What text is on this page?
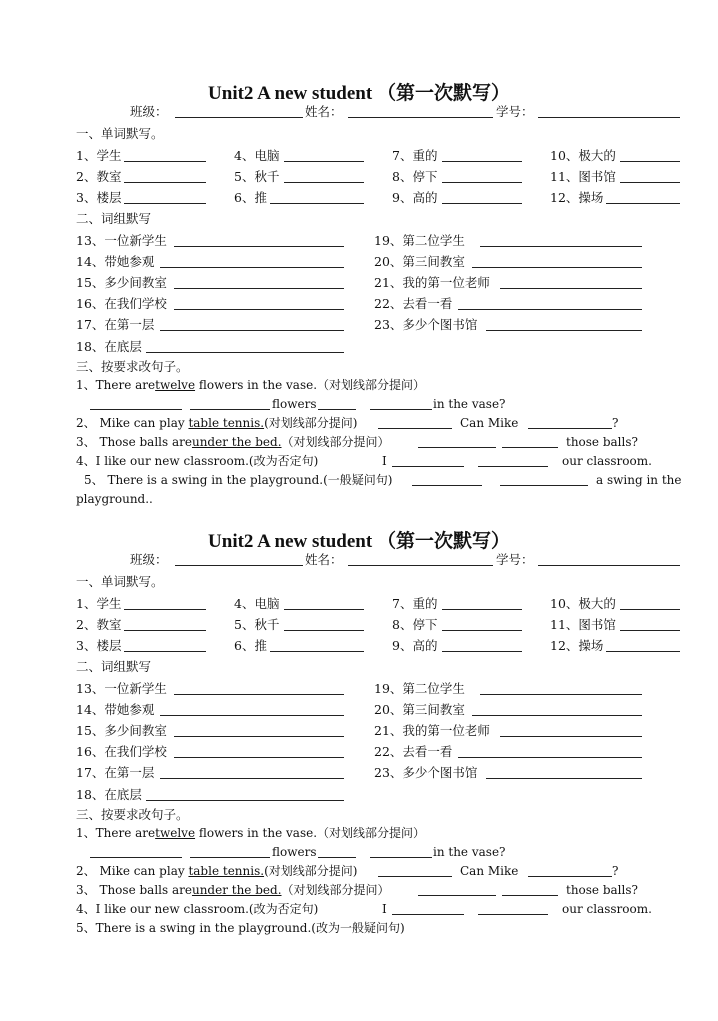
Unit2 A new student （第一次默写）
班级：	姓名：	学号：
一、单词默写。
1、学生	4、电脑	7、重的	10、极大的
2、教室	5、秋千	8、停下	11、图书馆
3、楼层	6、推	9、高的	12、操场
二、词组默写
13、一位新学生	19、第二位学生
14、带她参观	20、第三间教室
15、多少间教室	21、我的第一位老师
16、在我们学校	22、去看一看
17、在第一层	23、多少个图书馆
18、在底层
三、按要求改句子。
1、There aretwelve flowers in the vase.（对划线部分提问）
flowers	in the vase?
2、 Mike can play table tennis.(对划线部分提问)	Can Mike	?
3、 Those balls areunder the bed.（对划线部分提问）	those balls?
4、I like our new classroom.(改为否定句)	I	our classroom.
5、 There is a swing in the playground.(一般疑问句)	a swing in the
playground..
Unit2 A new student （第一次默写）
班级：	姓名：	学号：
一、单词默写。
1、学生	4、电脑	7、重的	10、极大的
2、教室	5、秋千	8、停下	11、图书馆
3、楼层	6、推	9、高的	12、操场
二、词组默写
13、一位新学生	19、第二位学生
14、带她参观	20、第三间教室
15、多少间教室	21、我的第一位老师
16、在我们学校	22、去看一看
17、在第一层	23、多少个图书馆
18、在底层
三、按要求改句子。
1、There aretwelve flowers in the vase.（对划线部分提问）
flowers	in the vase?
2、 Mike can play table tennis.(对划线部分提问)	Can Mike	?
3、 Those balls areunder the bed.（对划线部分提问）	those balls?
4、I like our new classroom.(改为否定句)	I	our classroom.
5、There is a swing in the playground.(改为一般疑问句)
